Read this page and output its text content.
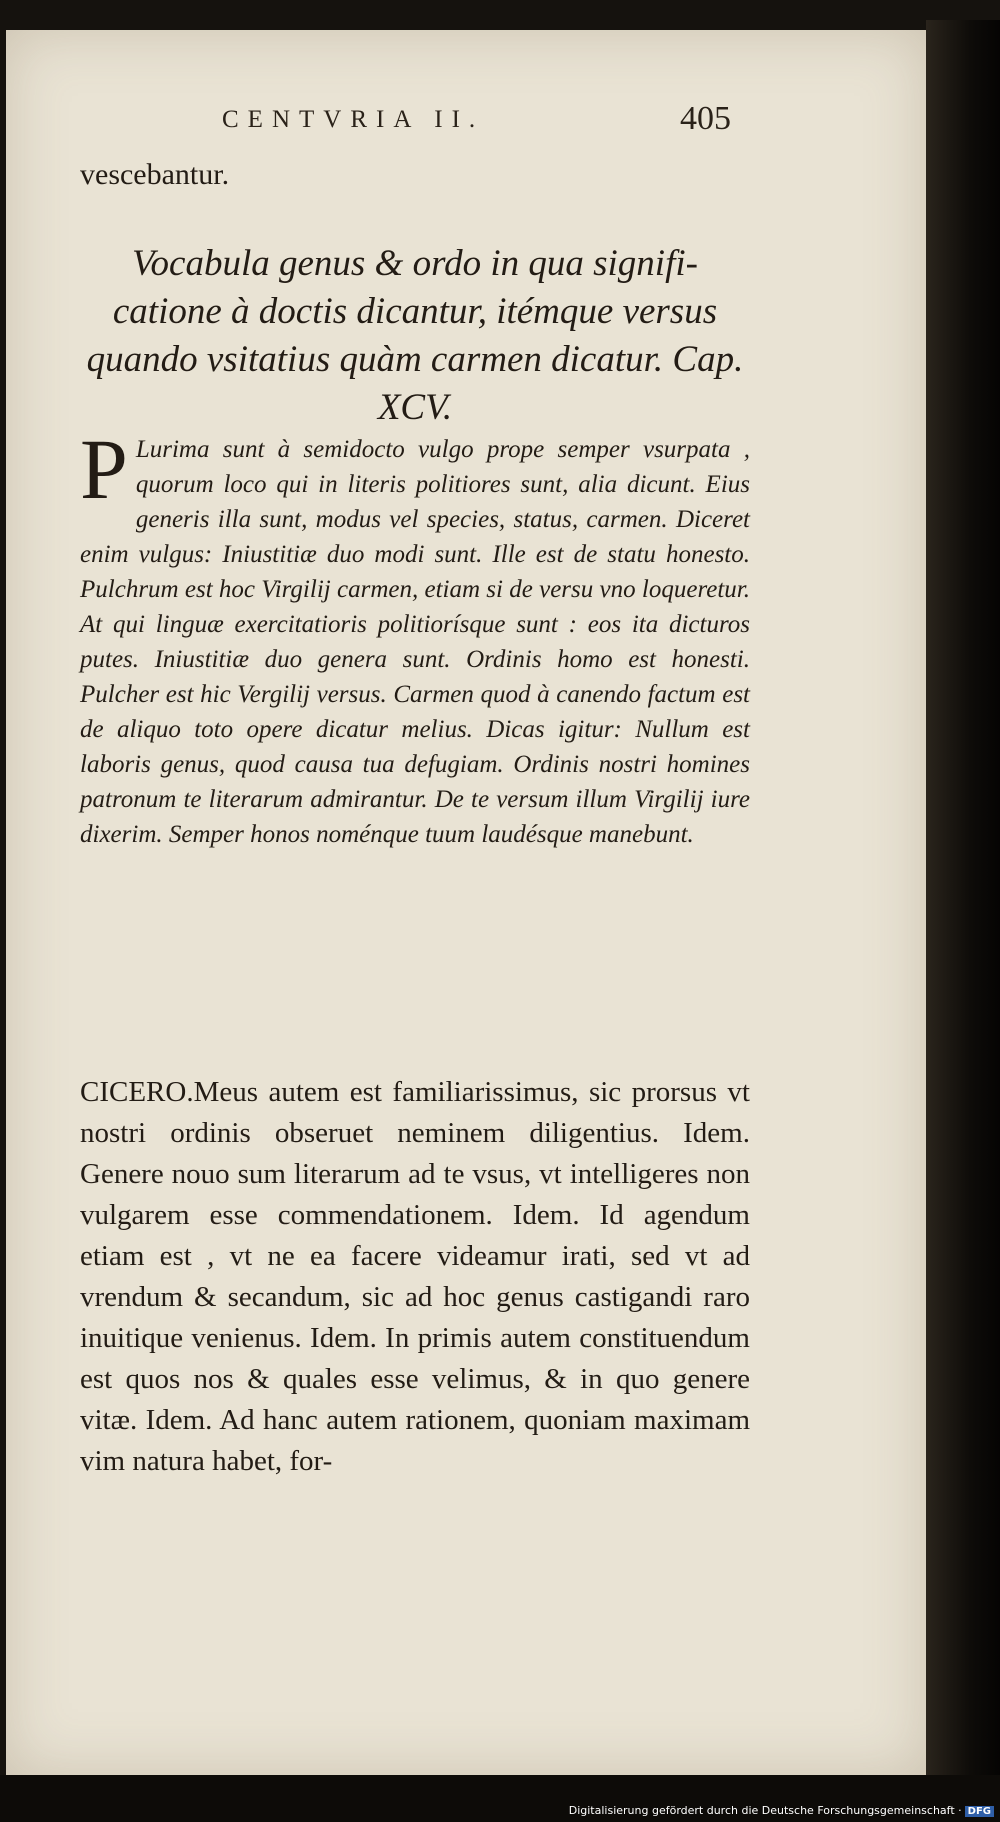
CENTVRIA II.	405
vescebantur.
Vocabula genus & ordo in qua signifi- catione à doctis dicantur, itémque versus quando vsitatius quàm carmen dicatur. Cap. XCV.
P Lurima sunt à semidocto vulgo prope semper vsurpata , quorum loco qui in literis politiores sunt, alia dicunt. Eius generis illa sunt, modus vel species, status, carmen. Diceret enim vulgus: Iniustitiæ duo modi sunt. Ille est de statu honesto. Pulchrum est hoc Virgilij carmen, etiam si de versu vno loqueretur. At qui linguæ exercitatioris politiorísque sunt : eos ita dicturos putes. Iniustitiæ duo genera sunt. Ordinis homo est honesti. Pulcher est hic Vergilij versus. Carmen quod à canendo factum est de aliquo toto opere dicatur melius. Dicas igitur: Nullum est laboris genus, quod causa tua defugiam. Ordinis nostri homines patronum te literarum admirantur. De te versum illum Virgilij iure dixerim. Semper honos noménque tuum laudésque manebunt.
CICERO.Meus autem est familiarissimus, sic prorsus vt nostri ordinis obseruet neminem diligentius. Idem. Genere nouo sum literarum ad te vsus, vt intelligeres non vulgarem esse commendationem. Idem. Id agendum etiam est , vt ne ea facere videamur irati, sed vt ad vrendum & secandum, sic ad hoc genus castigandi raro inuitique venienus. Idem. In primis autem constituendum est quos nos & quales esse velimus, & in quo genere vitæ. Idem. Ad hanc autem rationem, quoniam maximam vim natura habet, for-
Digitalisierung gefördert durch die Deutsche Forschungsgemeinschaft · DFG
